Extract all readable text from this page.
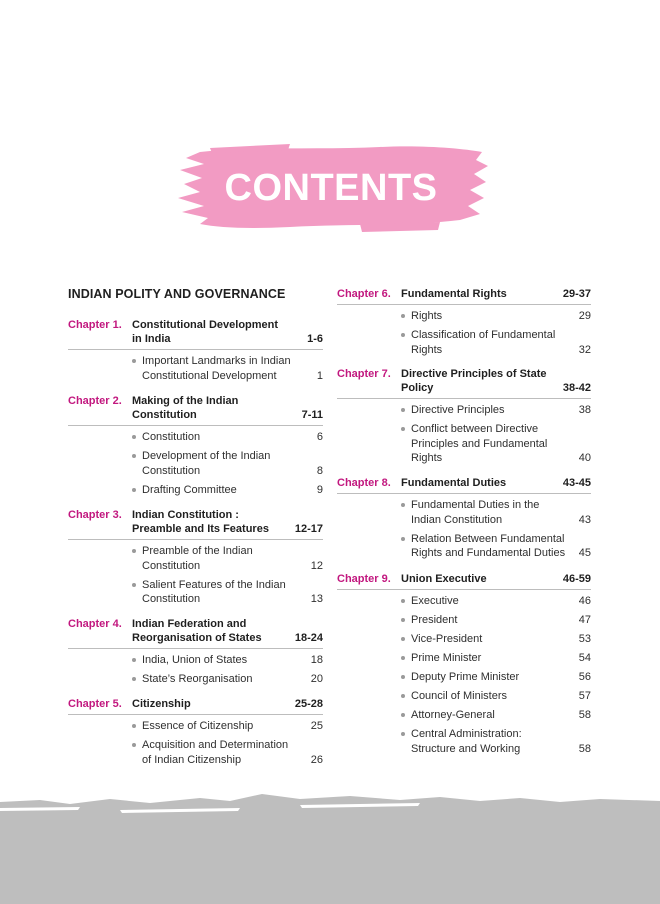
CONTENTS
INDIAN POLITY AND GOVERNANCE
Chapter 1. Constitutional Development in India	1-6
Important Landmarks in Indian Constitutional Development	1
Chapter 2. Making of the Indian Constitution	7-11
Constitution	6
Development of the Indian Constitution	8
Drafting Committee	9
Chapter 3. Indian Constitution : Preamble and Its Features	12-17
Preamble of the Indian Constitution	12
Salient Features of the Indian Constitution	13
Chapter 4. Indian Federation and Reorganisation of States	18-24
India, Union of States	18
State’s Reorganisation	20
Chapter 5. Citizenship	25-28
Essence of Citizenship	25
Acquisition and Determination of Indian Citizenship	26
Chapter 6. Fundamental Rights	29-37
Rights	29
Classification of Fundamental Rights	32
Chapter 7. Directive Principles of State Policy	38-42
Directive Principles	38
Conflict between Directive Principles and Fundamental Rights	40
Chapter 8. Fundamental Duties	43-45
Fundamental Duties in the Indian Constitution	43
Relation Between Fundamental Rights and Fundamental Duties 45
Chapter 9. Union Executive	46-59
Executive	46
President	47
Vice-President	53
Prime Minister	54
Deputy Prime Minister	56
Council of Ministers	57
Attorney-General	58
Central Administration: Structure and Working	58
